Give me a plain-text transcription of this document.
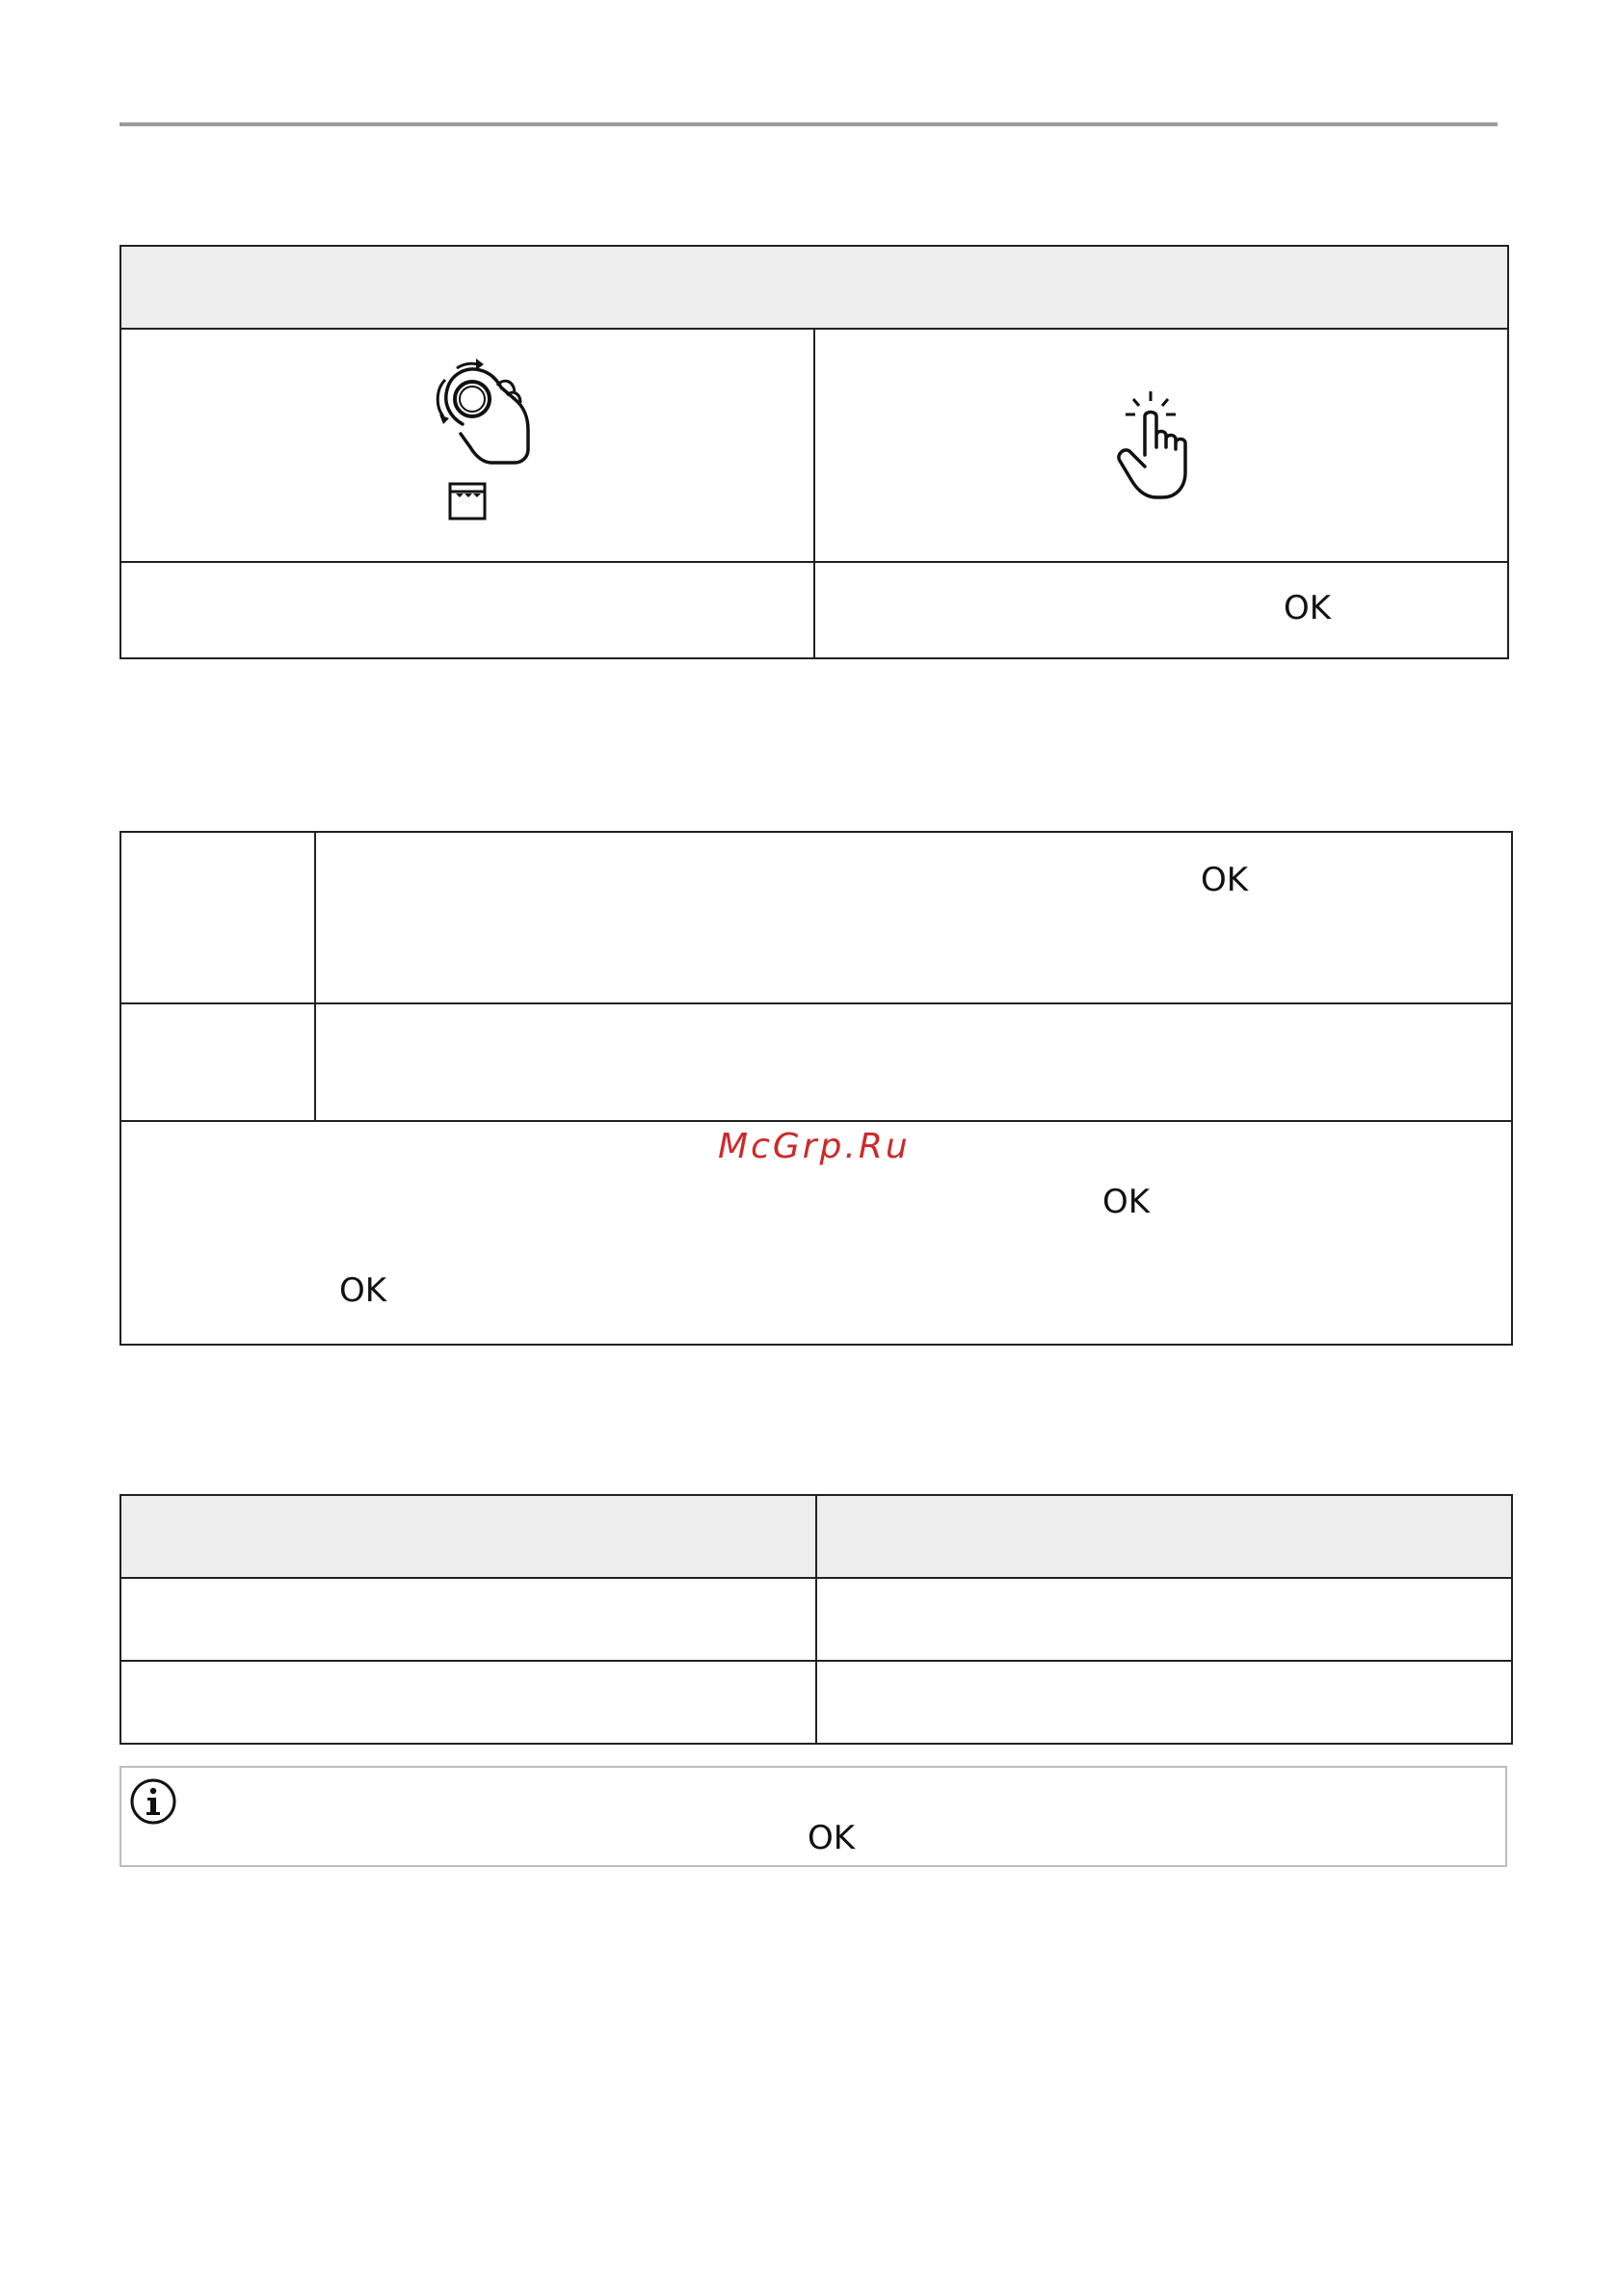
	OK

	OK

OK
OK	
McGrp.Ru

OK
